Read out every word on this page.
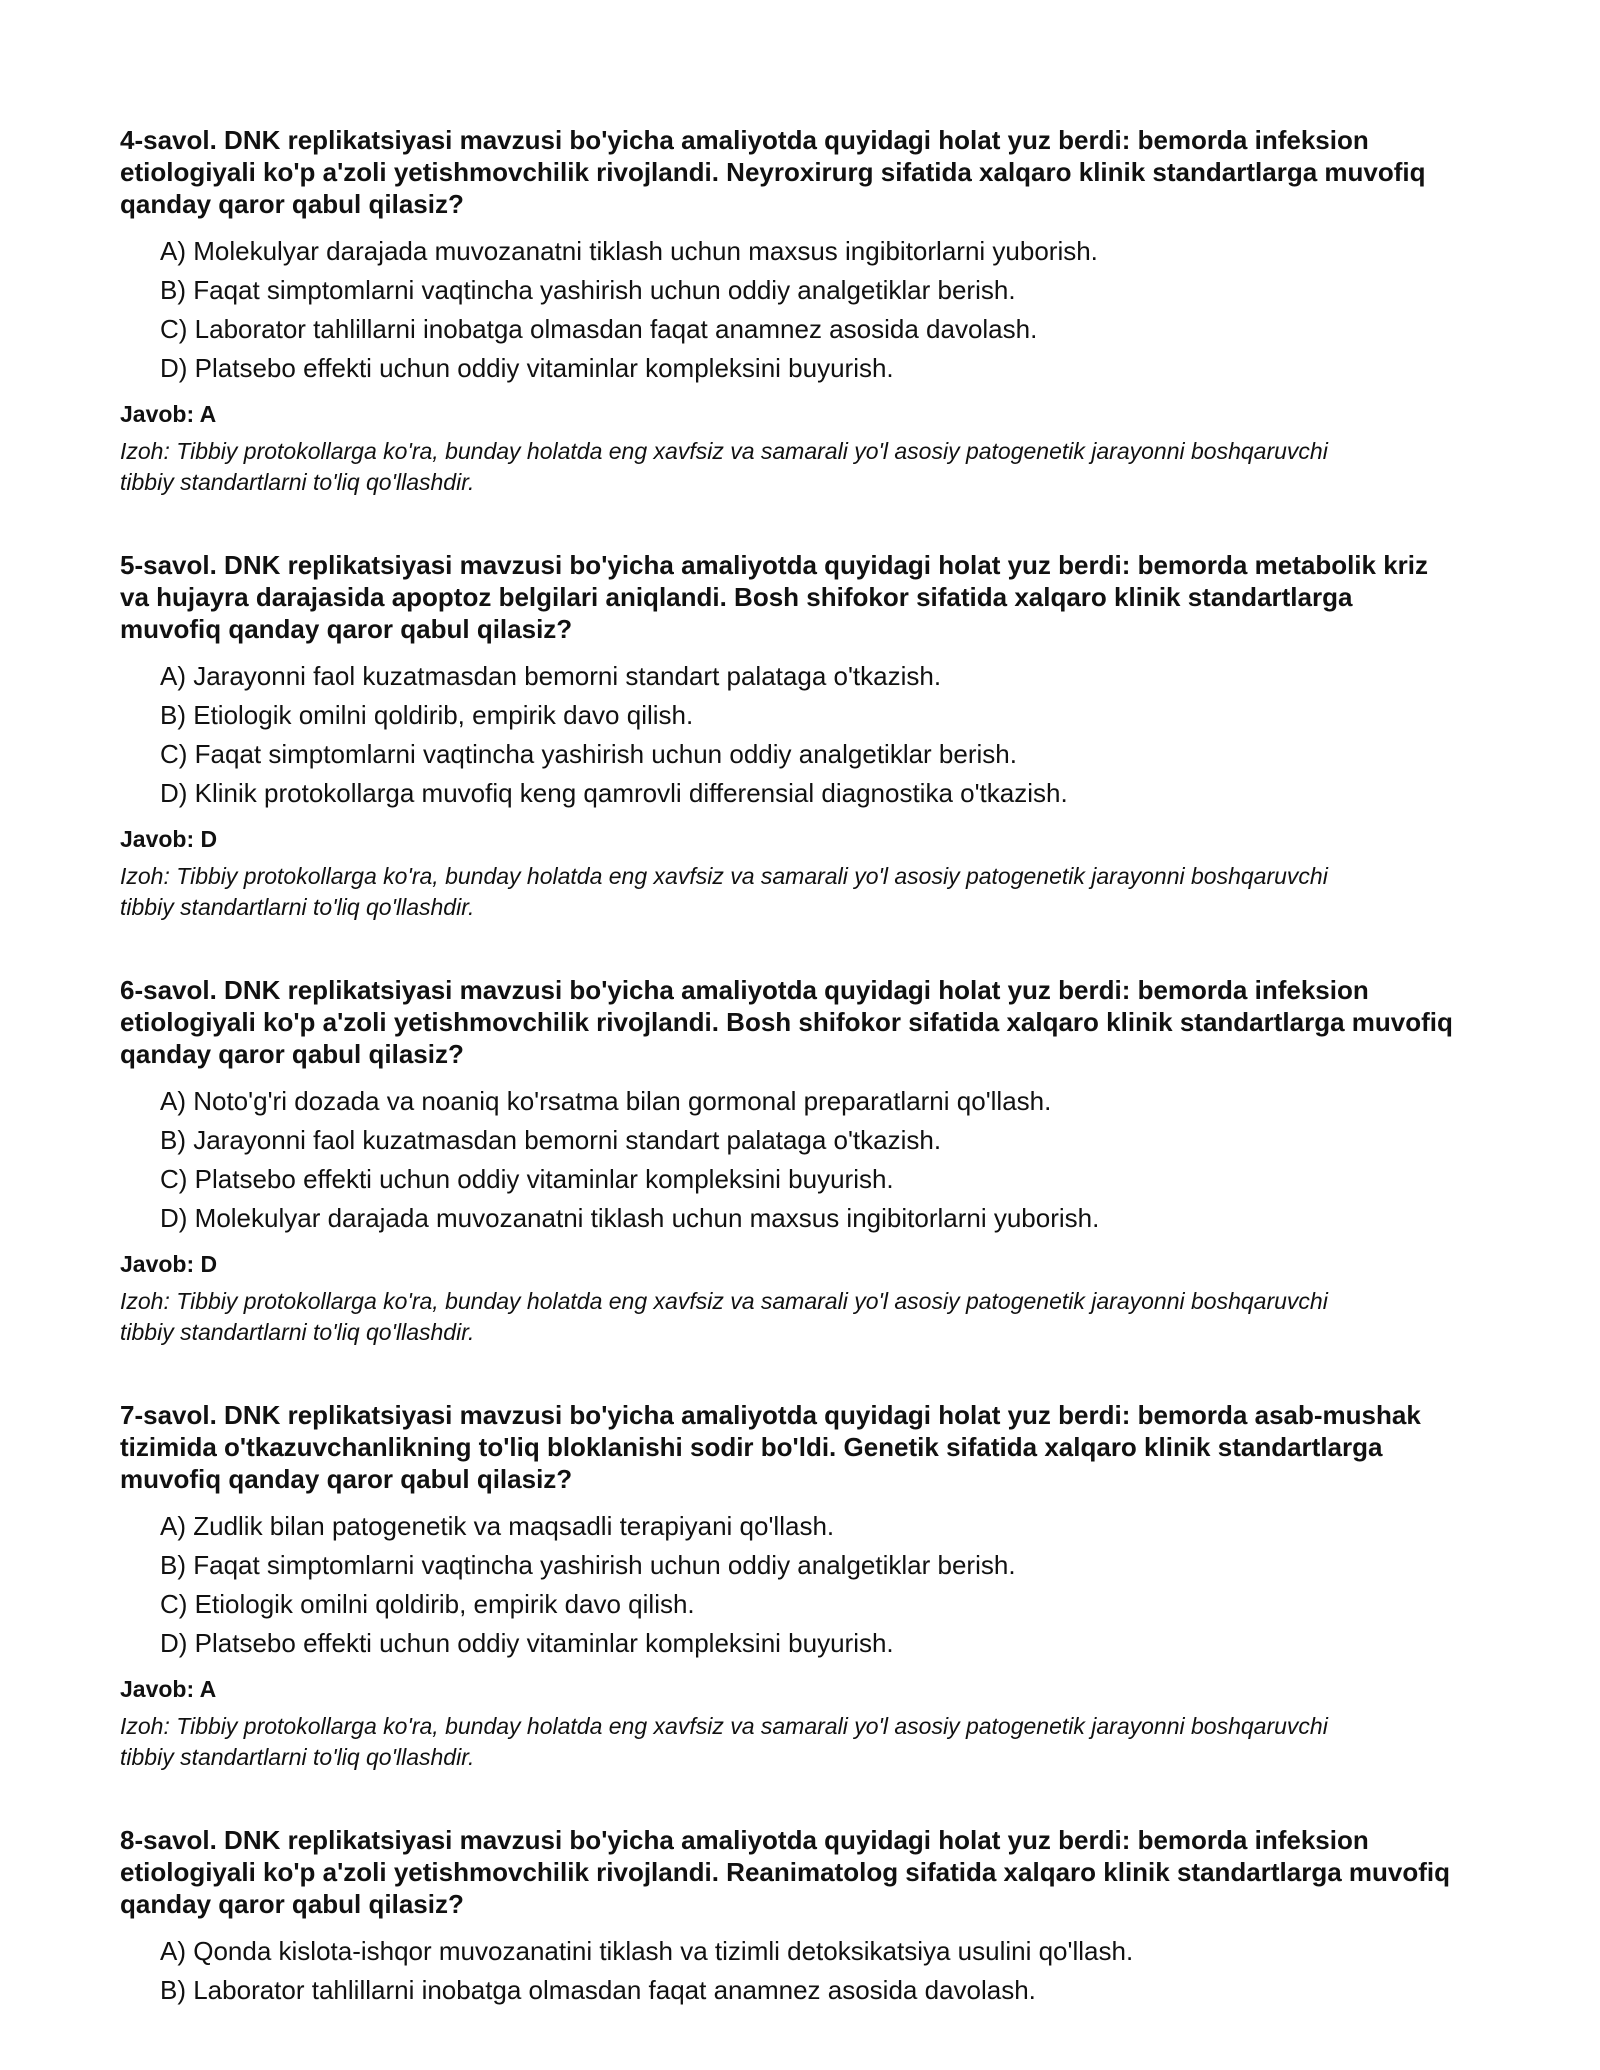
4-savol. DNK replikatsiyasi mavzusi bo'yicha amaliyotda quyidagi holat yuz berdi: bemorda infeksion etiologiyali ko'p a'zoli yetishmovchilik rivojlandi. Neyroxirurg sifatida xalqaro klinik standartlarga muvofiq qanday qaror qabul qilasiz?
A) Molekulyar darajada muvozanatni tiklash uchun maxsus ingibitorlarni yuborish.
B) Faqat simptomlarni vaqtincha yashirish uchun oddiy analgetiklar berish.
C) Laborator tahlillarni inobatga olmasdan faqat anamnez asosida davolash.
D) Platsebo effekti uchun oddiy vitaminlar kompleksini buyurish.
Javob: A
Izoh: Tibbiy protokollarga ko'ra, bunday holatda eng xavfsiz va samarali yo'l asosiy patogenetik jarayonni boshqaruvchi tibbiy standartlarni to'liq qo'llashdir.
5-savol. DNK replikatsiyasi mavzusi bo'yicha amaliyotda quyidagi holat yuz berdi: bemorda metabolik kriz va hujayra darajasida apoptoz belgilari aniqlandi. Bosh shifokor sifatida xalqaro klinik standartlarga muvofiq qanday qaror qabul qilasiz?
A) Jarayonni faol kuzatmasdan bemorni standart palataga o'tkazish.
B) Etiologik omilni qoldirib, empirik davo qilish.
C) Faqat simptomlarni vaqtincha yashirish uchun oddiy analgetiklar berish.
D) Klinik protokollarga muvofiq keng qamrovli differensial diagnostika o'tkazish.
Javob: D
Izoh: Tibbiy protokollarga ko'ra, bunday holatda eng xavfsiz va samarali yo'l asosiy patogenetik jarayonni boshqaruvchi tibbiy standartlarni to'liq qo'llashdir.
6-savol. DNK replikatsiyasi mavzusi bo'yicha amaliyotda quyidagi holat yuz berdi: bemorda infeksion etiologiyali ko'p a'zoli yetishmovchilik rivojlandi. Bosh shifokor sifatida xalqaro klinik standartlarga muvofiq qanday qaror qabul qilasiz?
A) Noto'g'ri dozada va noaniq ko'rsatma bilan gormonal preparatlarni qo'llash.
B) Jarayonni faol kuzatmasdan bemorni standart palataga o'tkazish.
C) Platsebo effekti uchun oddiy vitaminlar kompleksini buyurish.
D) Molekulyar darajada muvozanatni tiklash uchun maxsus ingibitorlarni yuborish.
Javob: D
Izoh: Tibbiy protokollarga ko'ra, bunday holatda eng xavfsiz va samarali yo'l asosiy patogenetik jarayonni boshqaruvchi tibbiy standartlarni to'liq qo'llashdir.
7-savol. DNK replikatsiyasi mavzusi bo'yicha amaliyotda quyidagi holat yuz berdi: bemorda asab-mushak tizimida o'tkazuvchanlikning to'liq bloklanishi sodir bo'ldi. Genetik sifatida xalqaro klinik standartlarga muvofiq qanday qaror qabul qilasiz?
A) Zudlik bilan patogenetik va maqsadli terapiyani qo'llash.
B) Faqat simptomlarni vaqtincha yashirish uchun oddiy analgetiklar berish.
C) Etiologik omilni qoldirib, empirik davo qilish.
D) Platsebo effekti uchun oddiy vitaminlar kompleksini buyurish.
Javob: A
Izoh: Tibbiy protokollarga ko'ra, bunday holatda eng xavfsiz va samarali yo'l asosiy patogenetik jarayonni boshqaruvchi tibbiy standartlarni to'liq qo'llashdir.
8-savol. DNK replikatsiyasi mavzusi bo'yicha amaliyotda quyidagi holat yuz berdi: bemorda infeksion etiologiyali ko'p a'zoli yetishmovchilik rivojlandi. Reanimatolog sifatida xalqaro klinik standartlarga muvofiq qanday qaror qabul qilasiz?
A) Qonda kislota-ishqor muvozanatini tiklash va tizimli detoksikatsiya usulini qo'llash.
B) Laborator tahlillarni inobatga olmasdan faqat anamnez asosida davolash.
